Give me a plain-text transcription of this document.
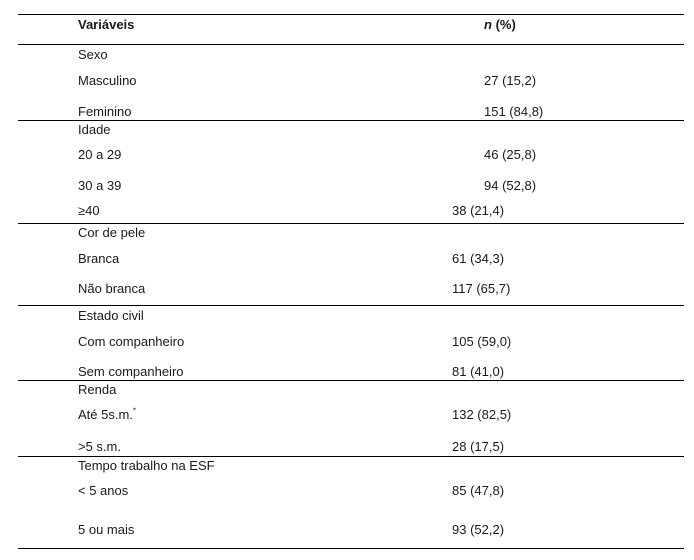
Variáveis	n (%)
Sexo
Masculino	27 (15,2)
Feminino	151 (84,8)
Idade
20 a 29	46 (25,8)
30 a 39	94 (52,8)
≥40	38 (21,4)
Cor de pele
Branca	61 (34,3)
Não branca	117 (65,7)
Estado civil
Com companheiro	105 (59,0)
Sem companheiro	81 (41,0)
Renda
Até 5s.m.*	132 (82,5)
>5 s.m.	28 (17,5)
Tempo trabalho na ESF
< 5 anos	85 (47,8)
5 ou mais	93 (52,2)
